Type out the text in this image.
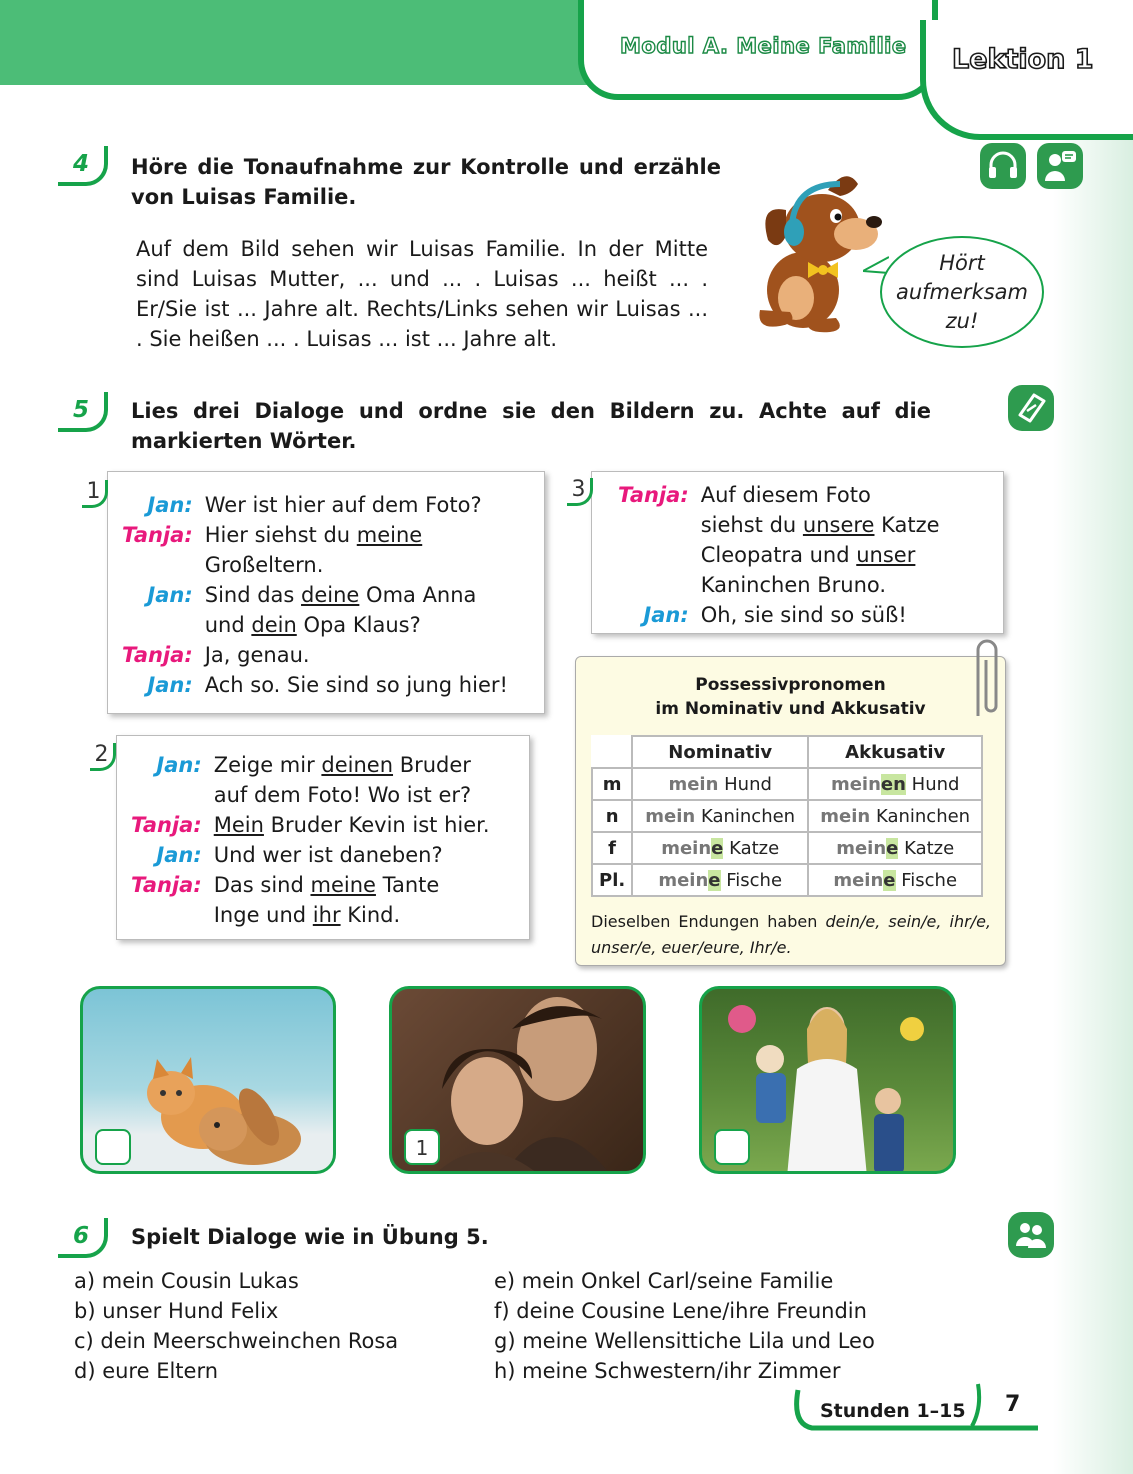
Modul A. Meine Familie Lektion 1
4	Höre die Tonaufnahme zur Kontrolle und erzähle von Luisas Familie.
Auf dem Bild sehen wir Luisas Familie. In der Mitte sind Luisas Mutter, ... und ... . Luisas ... heißt ... . Er/Sie ist ... Jahre alt. Rechts/Links sehen wir Luisas ... . Sie heißen ... . Luisas ... ist ... Jahre alt.
Hört
aufmerksam
zu!
5	Lies drei Dialoge und ordne sie den Bildern zu. Achte auf die markierten Wörter.
Jan: Wer ist hier auf dem Foto?
Tanja: Hier siehst du meine
Großeltern.
Jan: Sind das deine Oma Anna
und dein Opa Klaus?
Tanja: Ja, genau.
Jan: Ach so. Sie sind so jung hier!
1
Jan: Zeige mir deinen Bruder
auf dem Foto! Wo ist er?
Tanja: Mein Bruder Kevin ist hier.
Jan: Und wer ist daneben?
Tanja: Das sind meine Tante
Inge und ihr Kind.
2
Tanja: Auf diesem Foto
siehst du unsere Katze
Cleopatra und unser
Kaninchen Bruno.
Jan: Oh, sie sind so süß!
3
Possessivpronomen
im Nominativ und Akkusativ
	Nominativ	Akkusativ
m	mein Hund	meinen Hund
n	mein Kaninchen	mein Kaninchen
f	meine Katze	meine Katze
Pl.	meine Fische	meine Fische
Dieselben Endungen haben dein/e, sein/e, ihr/e, unser/e, euer/eure, Ihr/e.
1
6	Spielt Dialoge wie in Übung 5.
a) mein Cousin Lukas
b) unser Hund Felix
c) dein Meerschweinchen Rosa
d) eure Eltern
e) mein Onkel Carl/seine Familie
f) deine Cousine Lene/ihre Freundin
g) meine Wellensittiche Lila und Leo
h) meine Schwestern/ihr Zimmer
Stunden 1–15 7
